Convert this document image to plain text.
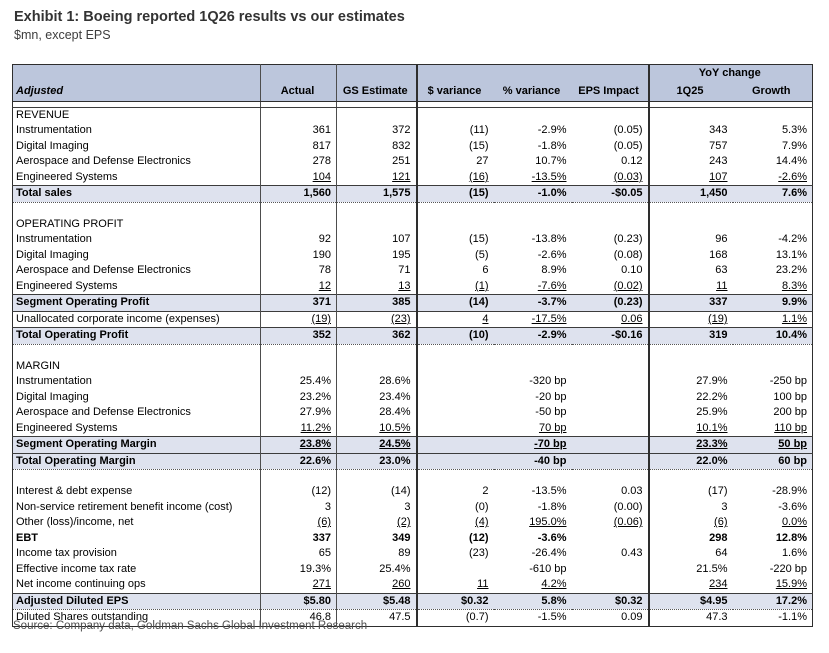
Exhibit 1: Boeing reported 1Q26 results vs our estimates
$mn, except EPS
Adjusted	Actual	GS Estimate	$ variance	% variance	EPS Impact	YoY change	
						1Q25	Growth

REVENUE							
Instrumentation	361	372	(11)	-2.9%	(0.05)	343	5.3%
Digital Imaging	817	832	(15)	-1.8%	(0.05)	757	7.9%
Aerospace and Defense Electronics	278	251	27	10.7%	0.12	243	14.4%
Engineered Systems	104	121	(16)	-13.5%	(0.03)	107	-2.6%
Total sales	1,560	1,575	(15)	-1.0%	-$0.05	1,450	7.6%

OPERATING PROFIT							
Instrumentation	92	107	(15)	-13.8%	(0.23)	96	-4.2%
Digital Imaging	190	195	(5)	-2.6%	(0.08)	168	13.1%
Aerospace and Defense Electronics	78	71	6	8.9%	0.10	63	23.2%
Engineered Systems	12	13	(1)	-7.6%	(0.02)	11	8.3%
Segment Operating Profit	371	385	(14)	-3.7%	(0.23)	337	9.9%
Unallocated corporate income (expenses)	(19)	(23)	4	-17.5%	0.06	(19)	1.1%
Total Operating Profit	352	362	(10)	-2.9%	-$0.16	319	10.4%

MARGIN							
Instrumentation	25.4%	28.6%		-320 bp		27.9%	-250 bp
Digital Imaging	23.2%	23.4%		-20 bp		22.2%	100 bp
Aerospace and Defense Electronics	27.9%	28.4%		-50 bp		25.9%	200 bp
Engineered Systems	11.2%	10.5%		70 bp		10.1%	110 bp
Segment Operating Margin	23.8%	24.5%		-70 bp		23.3%	50 bp
Total Operating Margin	22.6%	23.0%		-40 bp		22.0%	60 bp

Interest & debt expense	(12)	(14)	2	-13.5%	0.03	(17)	-28.9%
Non-service retirement benefit income (cost)	3	3	(0)	-1.8%	(0.00)	3	-3.6%
Other (loss)/income, net	(6)	(2)	(4)	195.0%	(0.06)	(6)	0.0%
EBT	337	349	(12)	-3.6%		298	12.8%
Income tax provision	65	89	(23)	-26.4%	0.43	64	1.6%
Effective income tax rate	19.3%	25.4%		-610 bp		21.5%	-220 bp
Net income continuing ops	271	260	11	4.2%		234	15.9%
Adjusted Diluted EPS	$5.80	$5.48	$0.32	5.8%	$0.32	$4.95	17.2%
Diluted Shares outstanding	46.8	47.5	(0.7)	-1.5%	0.09	47.3	-1.1%
Source: Company data, Goldman Sachs Global Investment Research
